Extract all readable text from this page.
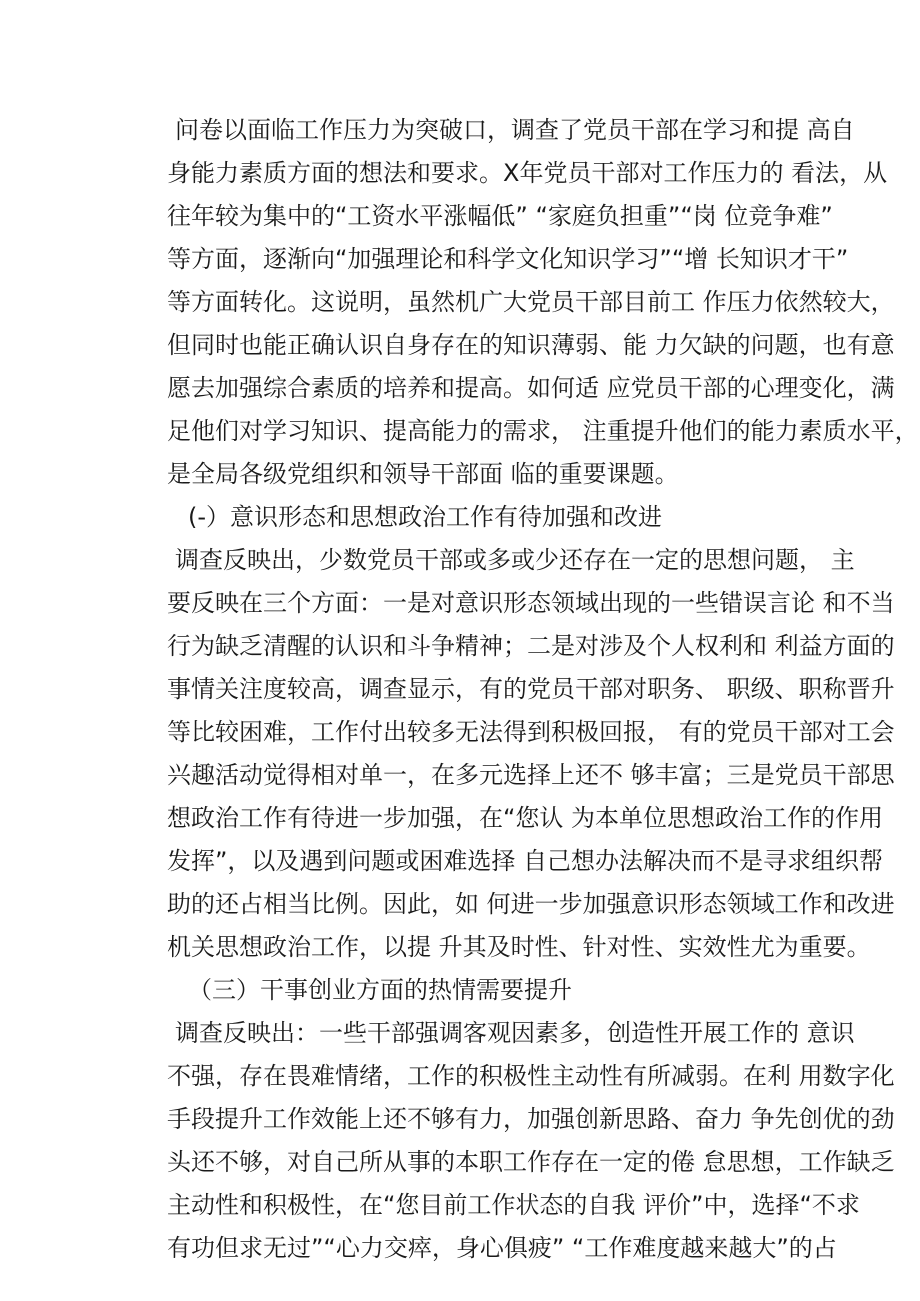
问卷以面临工作压力为突破口，调查了党员干部在学习和提 高自
身能力素质方面的想法和要求。X年党员干部对工作压力的 看法，从
往年较为集中的“工资水平涨幅低” “家庭负担重”“岗 位竞争难”
等方面，逐渐向“加强理论和科学文化知识学习”“增 长知识才干”
等方面转化。这说明，虽然机广大党员干部目前工 作压力依然较大，
但同时也能正确认识自身存在的知识薄弱、能 力欠缺的问题，也有意
愿去加强综合素质的培养和提高。如何适 应党员干部的心理变化，满
足他们对学习知识、提高能力的需求， 注重提升他们的能力素质水平，
是全局各级党组织和领导干部面 临的重要课题。
(-）意识形态和思想政治工作有待加强和改进
调查反映出，少数党员干部或多或少还存在一定的思想问题， 主
要反映在三个方面：一是对意识形态领域出现的一些错误言论 和不当
行为缺乏清醒的认识和斗争精神；二是对涉及个人权利和 利益方面的
事情关注度较高，调查显示，有的党员干部对职务、 职级、职称晋升
等比较困难，工作付出较多无法得到积极回报， 有的党员干部对工会
兴趣活动觉得相对单一，在多元选择上还不 够丰富；三是党员干部思
想政治工作有待进一步加强，在“您认 为本单位思想政治工作的作用
发挥”，以及遇到问题或困难选择 自己想办法解决而不是寻求组织帮
助的还占相当比例。因此，如 何进一步加强意识形态领域工作和改进
机关思想政治工作，以提 升其及时性、针对性、实效性尤为重要。
（三）干事创业方面的热情需要提升
调查反映出：一些干部强调客观因素多，创造性开展工作的 意识
不强，存在畏难情绪，工作的积极性主动性有所减弱。在利 用数字化
手段提升工作效能上还不够有力，加强创新思路、奋力 争先创优的劲
头还不够，对自己所从事的本职工作存在一定的倦 怠思想，工作缺乏
主动性和积极性，在“您目前工作状态的自我 评价”中，选择“不求
有功但求无过”“心力交瘁，身心俱疲” “工作难度越来越大”的占
